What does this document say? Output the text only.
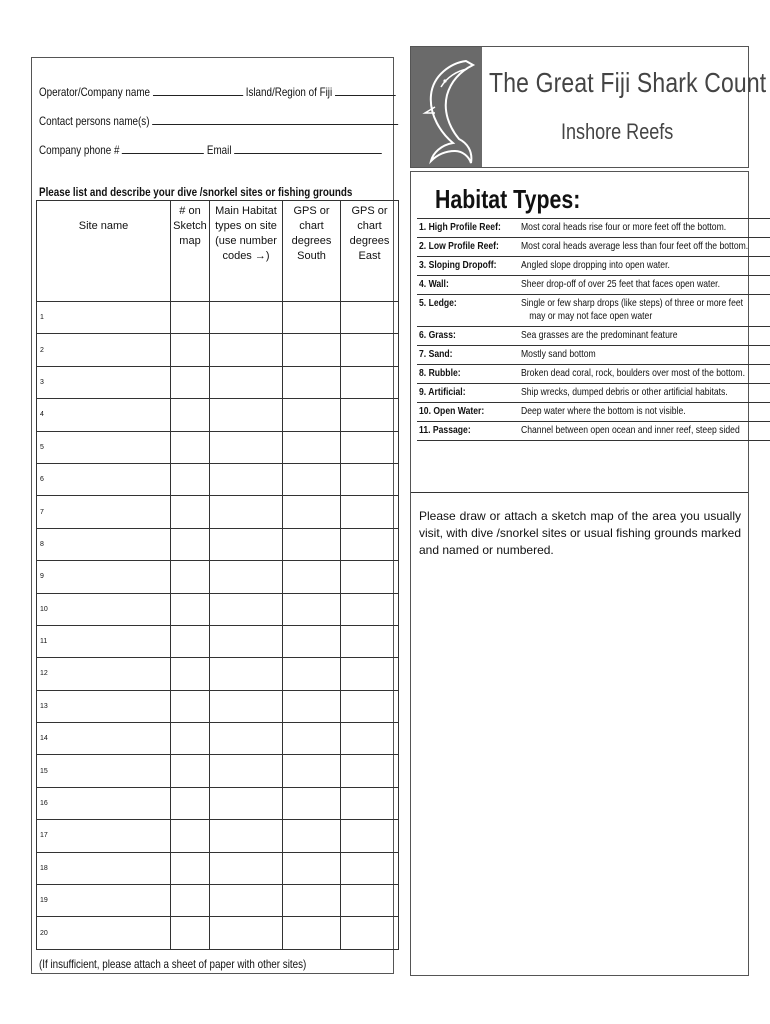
Operator/Company name	Island/Region of Fiji
Contact persons name(s)
Company phone #	Email
Please list and describe your dive /snorkel sites or fishing grounds
Site name	# on Sketch map	Main Habitat types on site (use number codes →)	GPS or chart degrees South	GPS or chart degrees East
1				
2				
3				
4				
5				
6				
7				
8				
9				
10				
11				
12				
13				
14				
15				
16				
17				
18				
19				
20				
(If insufficient, please attach a sheet of paper with other sites)
The Great Fiji Shark Count
Inshore Reefs
Habitat Types:
1. High Profile Reef:	Most coral heads rise four or more feet off the bottom.
2. Low Profile Reef:	Most coral heads average less than four feet off the bottom.
3. Sloping Dropoff:	Angled slope dropping into open water.
4. Wall:	Sheer drop-off of over 25 feet that faces open water.
5. Ledge:	Single or few sharp drops (like steps) of three or more feet
may or may not face open water
6. Grass:	Sea grasses are the predominant feature
7. Sand:	Mostly sand bottom
8. Rubble:	Broken dead coral, rock, boulders over most of the bottom.
9. Artificial:	Ship wrecks, dumped debris or other artificial habitats.
10. Open Water:	Deep water where the bottom is not visible.
11. Passage:	Channel between open ocean and inner reef, steep sided
Please draw or attach a sketch map of the area you usually visit, with dive /snorkel sites or usual fishing grounds marked and named or numbered.
